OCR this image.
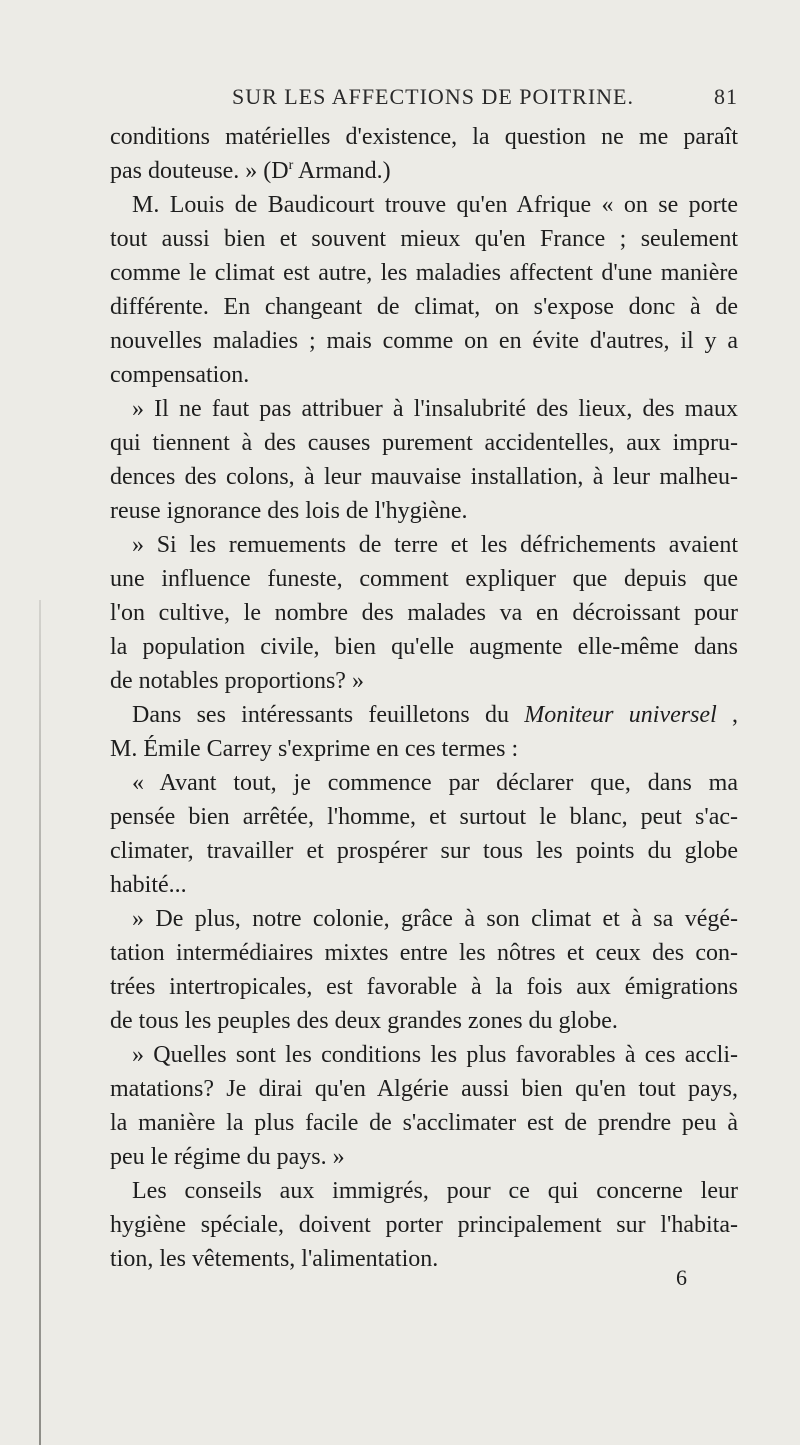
SUR LES AFFECTIONS DE POITRINE.	81
conditions matérielles d'existence, la question ne me paraît
pas douteuse. » ($D^r$ Armand.)
M. Louis de Baudicourt trouve qu'en Afrique « on se porte
tout aussi bien et souvent mieux qu'en France ; seulement
comme le climat est autre, les maladies affectent d'une manière
différente. En changeant de climat, on s'expose donc à de
nouvelles maladies ; mais comme on en évite d'autres, il y a
compensation.
» Il ne faut pas attribuer à l'insalubrité des lieux, des maux
qui tiennent à des causes purement accidentelles, aux impru-
dences des colons, à leur mauvaise installation, à leur malheu-
reuse ignorance des lois de l'hygiène.
» Si les remuements de terre et les défrichements avaient
une influence funeste, comment expliquer que depuis que
l'on cultive, le nombre des malades va en décroissant pour
la population civile, bien qu'elle augmente elle-même dans
de notables proportions? »
Dans ses intéressants feuilletons du Moniteur universel ,
M. Émile Carrey s'exprime en ces termes :
« Avant tout, je commence par déclarer que, dans ma
pensée bien arrêtée, l'homme, et surtout le blanc, peut s'ac-
climater, travailler et prospérer sur tous les points du globe
habité...
» De plus, notre colonie, grâce à son climat et à sa végé-
tation intermédiaires mixtes entre les nôtres et ceux des con-
trées intertropicales, est favorable à la fois aux émigrations
de tous les peuples des deux grandes zones du globe.
» Quelles sont les conditions les plus favorables à ces accli-
matations? Je dirai qu'en Algérie aussi bien qu'en tout pays,
la manière la plus facile de s'acclimater est de prendre peu à
peu le régime du pays. »
Les conseils aux immigrés, pour ce qui concerne leur
hygiène spéciale, doivent porter principalement sur l'habita-
tion, les vêtements, l'alimentation.
6
